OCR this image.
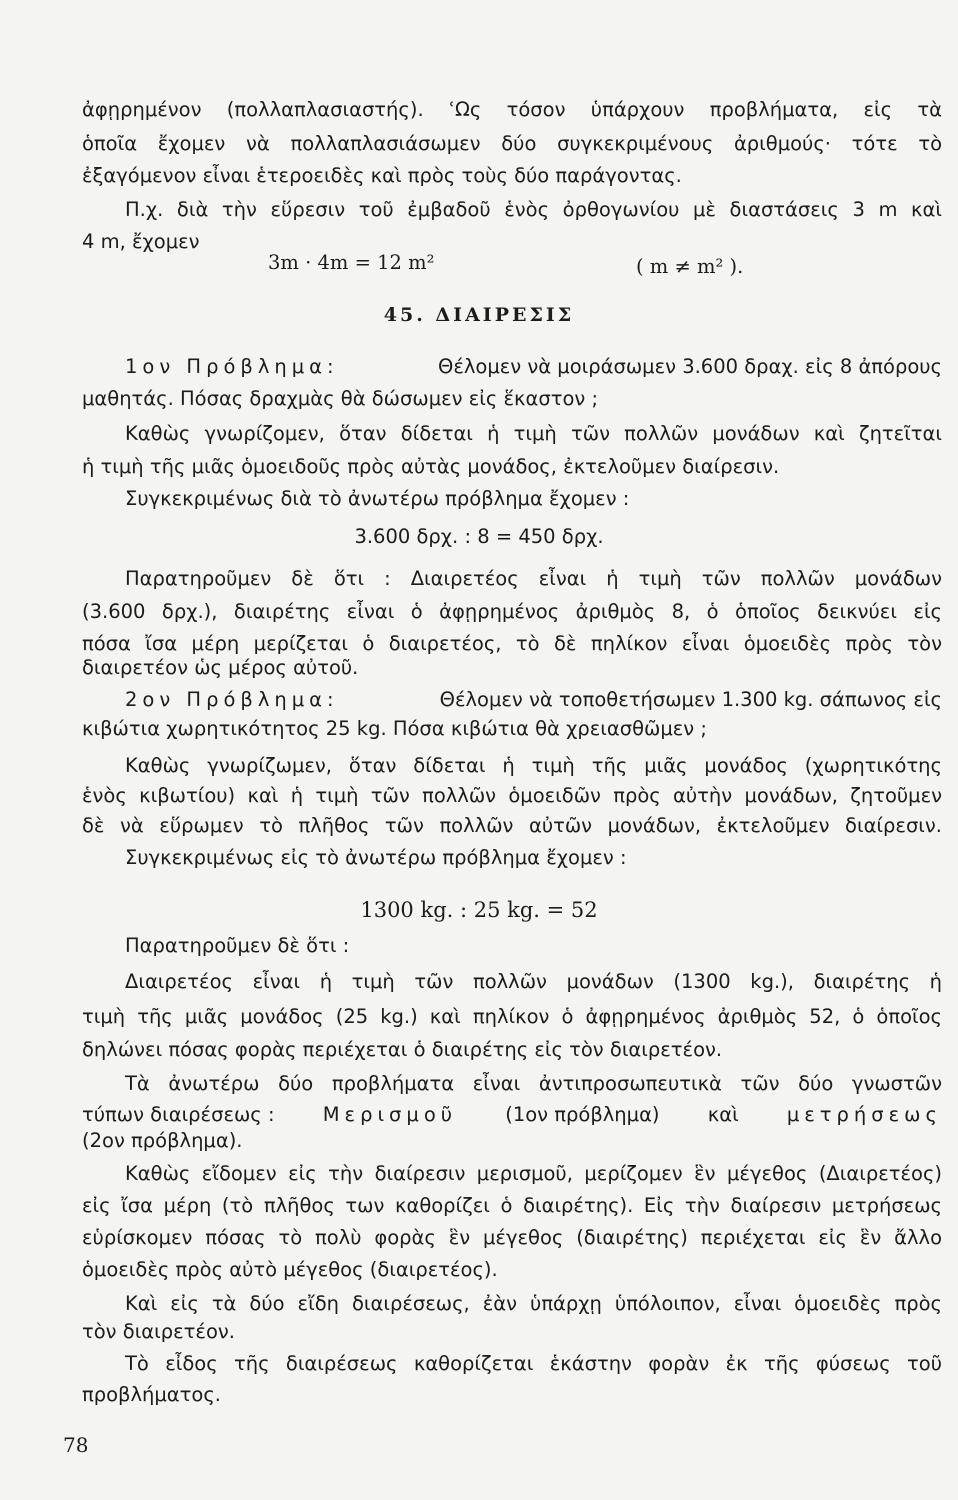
ἀφῃρημένον (πολλαπλασιαστής). ʿΩς τόσον ὑπάρχουν προβλήματα, εἰς τὰ
ὁποῖα ἔχομεν νὰ πολλαπλασιάσωμεν δύο συγκεκριμένους ἀριθμούς· τότε τὸ
ἐξαγόμενον εἶναι ἑτεροειδὲς καὶ πρὸς τοὺς δύο παράγοντας.
Π.χ. διὰ τὴν εὕρεσιν τοῦ ἐμβαδοῦ ἑνὸς ὀρθογωνίου μὲ διαστάσεις 3 m καὶ
4 m, ἔχομεν
3m · 4m = 12 m²	( m ≠ m² ).
45. ΔΙΑΙΡΕΣΙΣ
1ον Πρόβλημα:	Θέλομεν νὰ μοιράσωμεν 3.600 δραχ. εἰς 8 ἀπόρους
μαθητάς. Πόσας δραχμὰς θὰ δώσωμεν εἰς ἕκαστον ;
Καθὼς γνωρίζομεν, ὅταν δίδεται ἡ τιμὴ τῶν πολλῶν μονάδων καὶ ζητεῖται
ἡ τιμὴ τῆς μιᾶς ὁμοειδοῦς πρὸς αὐτὰς μονάδος, ἐκτελοῦμεν διαίρεσιν.
Συγκεκριμένως διὰ τὸ ἀνωτέρω πρόβλημα ἔχομεν :
3.600 δρχ. : 8 = 450 δρχ.
Παρατηροῦμεν δὲ ὅτι : Διαιρετέος εἶναι ἡ τιμὴ τῶν πολλῶν μονάδων
(3.600 δρχ.), διαιρέτης εἶναι ὁ ἀφῃρημένος ἀριθμὸς 8, ὁ ὁποῖος δεικνύει εἰς
πόσα ἴσα μέρη μερίζεται ὁ διαιρετέος, τὸ δὲ πηλίκον εἶναι ὁμοειδὲς πρὸς τὸν
διαιρετέον ὡς μέρος αὐτοῦ.
2ον Πρόβλημα:	Θέλομεν νὰ τοποθετήσωμεν 1.300 kg. σάπωνος εἰς
κιβώτια χωρητικότητος 25 kg. Πόσα κιβώτια θὰ χρειασθῶμεν ;
Καθὼς γνωρίζωμεν, ὅταν δίδεται ἡ τιμὴ τῆς μιᾶς μονάδος (χωρητικότης
ἑνὸς κιβωτίου) καὶ ἡ τιμὴ τῶν πολλῶν ὁμοειδῶν πρὸς αὐτὴν μονάδων, ζητοῦμεν
δὲ νὰ εὕρωμεν τὸ πλῆθος τῶν πολλῶν αὐτῶν μονάδων, ἐκτελοῦμεν διαίρεσιν.
Συγκεκριμένως εἰς τὸ ἀνωτέρω πρόβλημα ἔχομεν :
1300 kg. : 25 kg. = 52
Παρατηροῦμεν δὲ ὅτι :
Διαιρετέος εἶναι ἡ τιμὴ τῶν πολλῶν μονάδων (1300 kg.), διαιρέτης ἡ
τιμὴ τῆς μιᾶς μονάδος (25 kg.) καὶ πηλίκον ὁ ἀφῃρημένος ἀριθμὸς 52, ὁ ὁποῖος
δηλώνει πόσας φορὰς περιέχεται ὁ διαιρέτης εἰς τὸν διαιρετέον.
Τὰ ἀνωτέρω δύο προβλήματα εἶναι ἀντιπροσωπευτικὰ τῶν δύο γνωστῶν
τύπων διαιρέσεως : Μερισμοῦ (1ον πρόβλημα) καὶ μετρήσεως
(2ον πρόβλημα).
Καθὼς εἴδομεν εἰς τὴν διαίρεσιν μερισμοῦ, μερίζομεν ἓν μέγεθος (Διαιρετέος)
εἰς ἴσα μέρη (τὸ πλῆθος των καθορίζει ὁ διαιρέτης). Εἰς τὴν διαίρεσιν μετρήσεως
εὑρίσκομεν πόσας τὸ πολὺ φορὰς ἓν μέγεθος (διαιρέτης) περιέχεται εἰς ἓν ἄλλο
ὁμοειδὲς πρὸς αὐτὸ μέγεθος (διαιρετέος).
Καὶ εἰς τὰ δύο εἴδη διαιρέσεως, ἐὰν ὑπάρχῃ ὑπόλοιπον, εἶναι ὁμοειδὲς πρὸς
τὸν διαιρετέον.
Τὸ εἶδος τῆς διαιρέσεως καθορίζεται ἑκάστην φορὰν ἐκ τῆς φύσεως τοῦ
προβλήματος.
78
